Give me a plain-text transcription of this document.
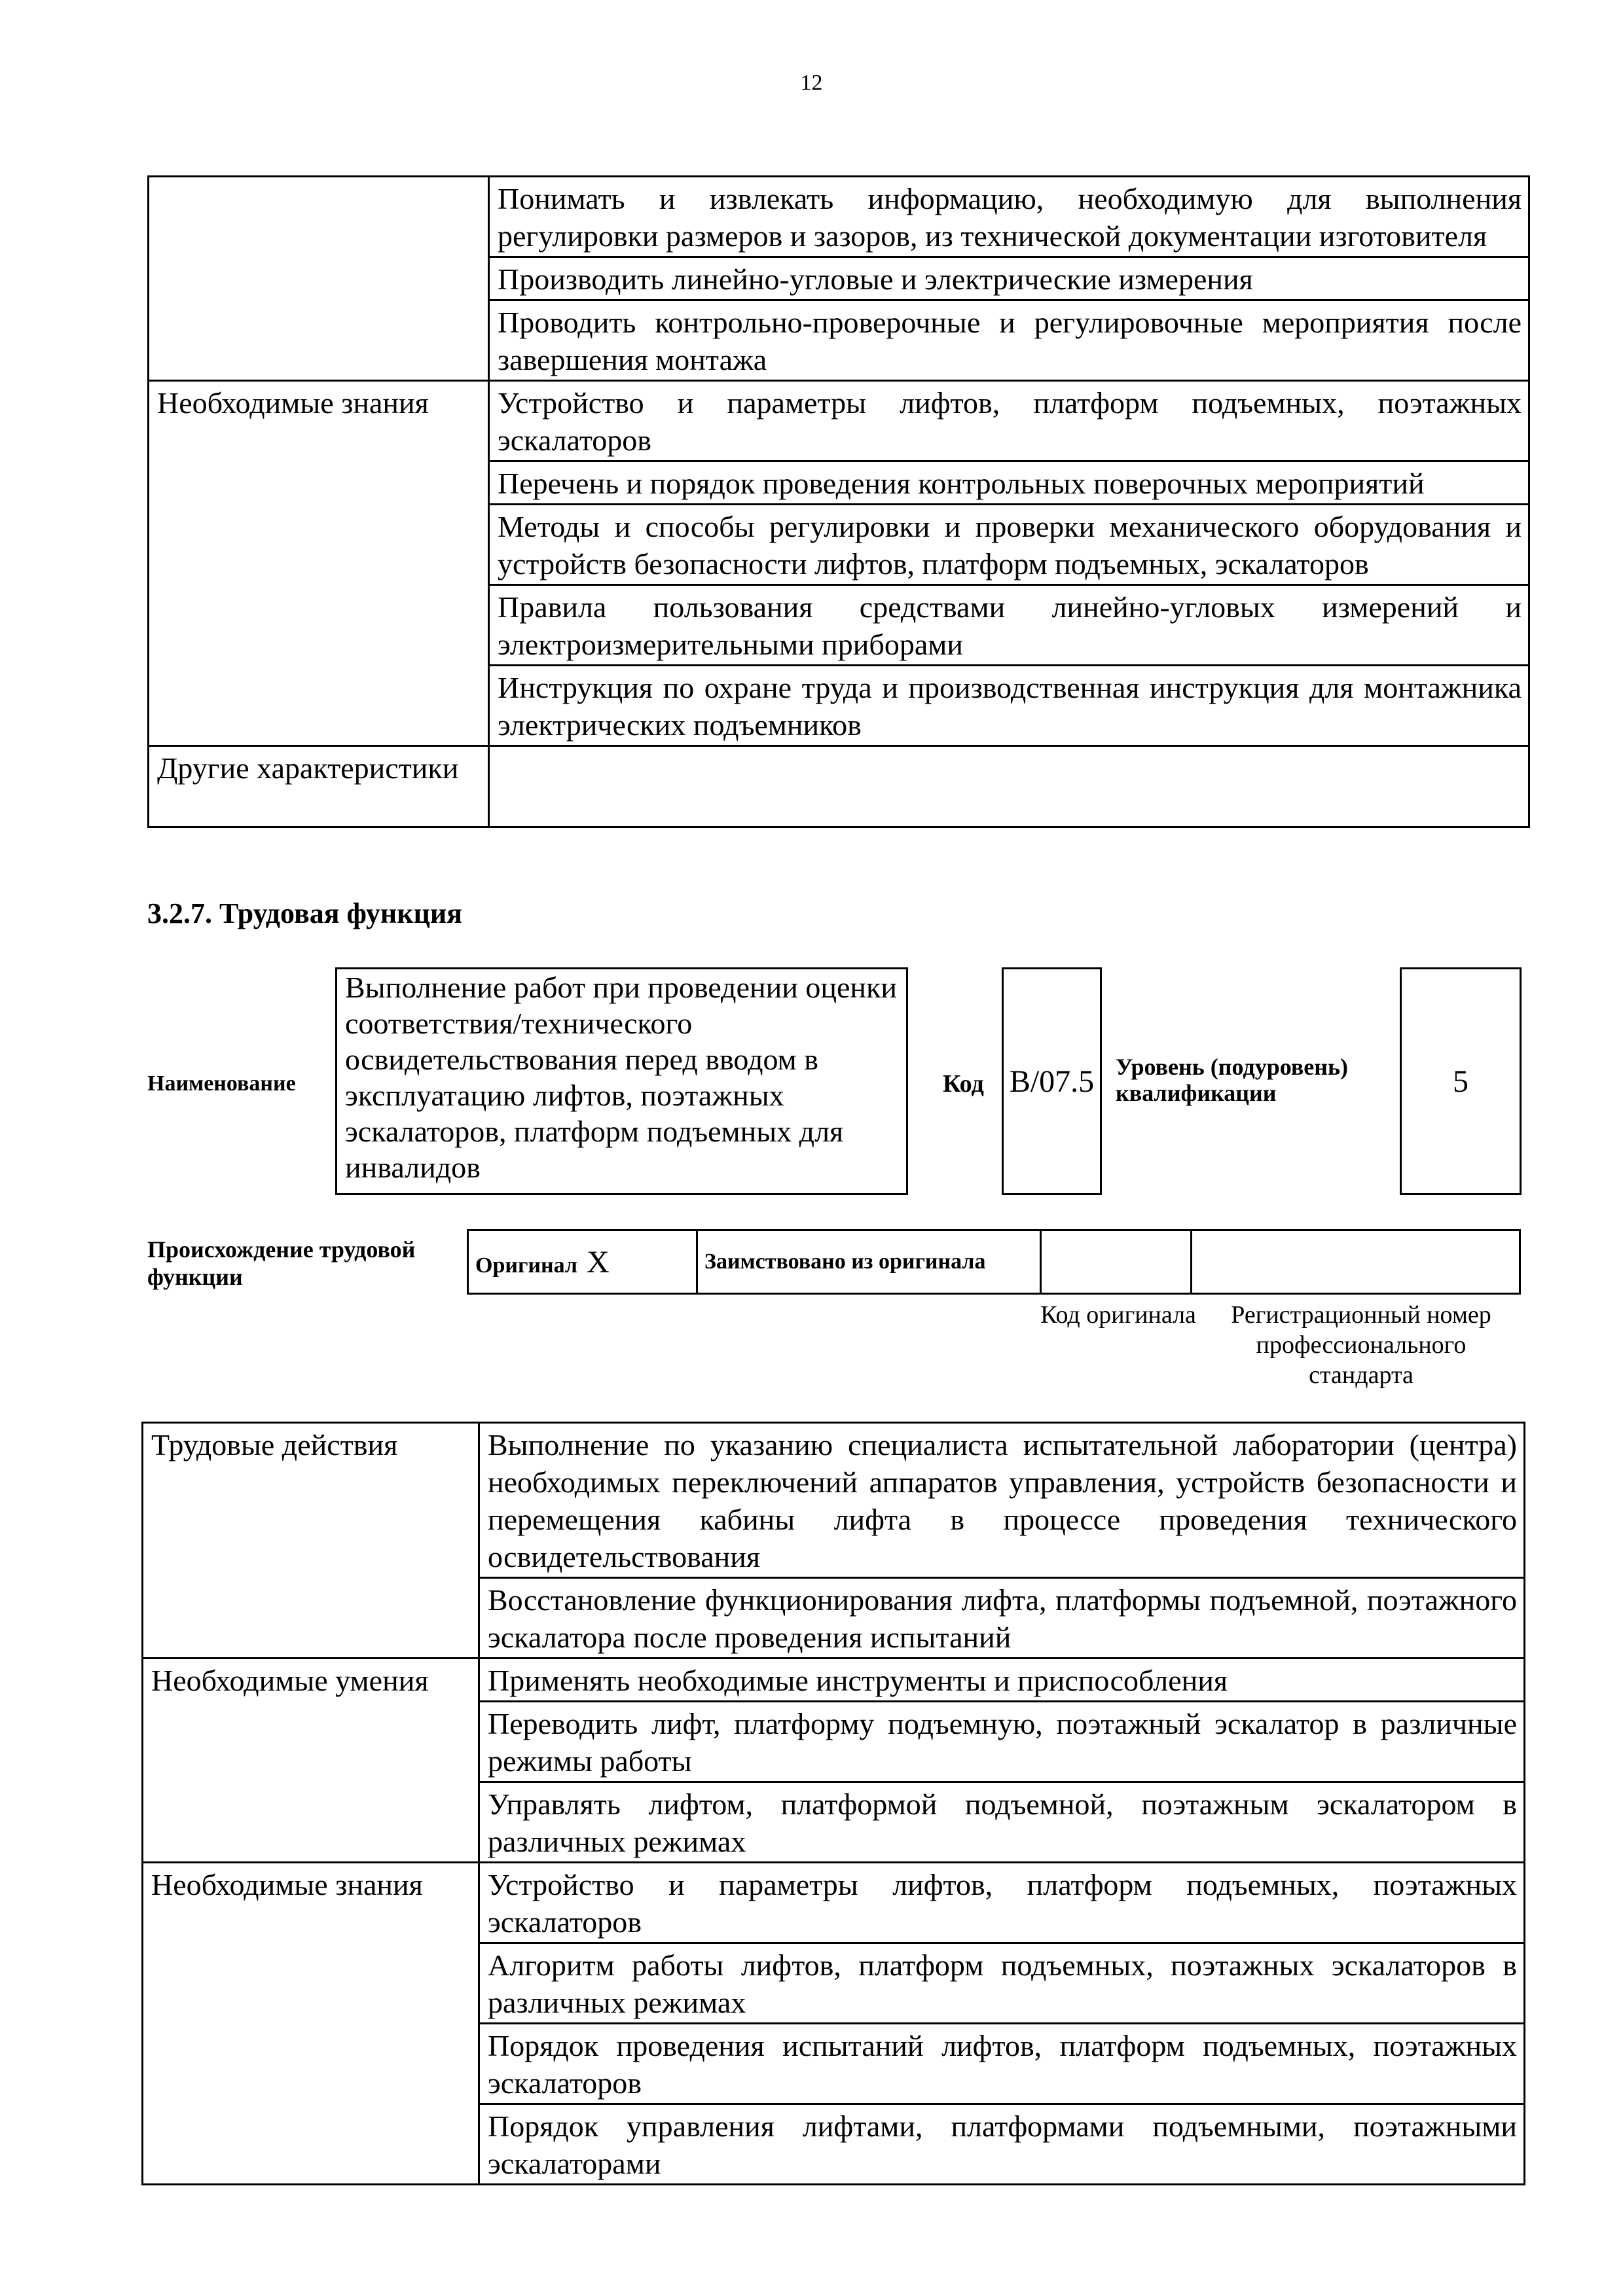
12
	Понимать и извлекать информацию, необходимую для выполнения регулировки размеров и зазоров, из технической документации изготовителя
	Производить линейно-угловые и электрические измерения
	Проводить контрольно-проверочные и регулировочные мероприятия после завершения монтажа
Необходимые знания	Устройство и параметры лифтов, платформ подъемных, поэтажных эскалаторов
	Перечень и порядок проведения контрольных поверочных мероприятий
	Методы и способы регулировки и проверки механического оборудования и устройств безопасности лифтов, платформ подъемных, эскалаторов
	Правила пользования средствами линейно-угловых измерений и электроизмерительными приборами
	Инструкция по охране труда и производственная инструкция для монтажника электрических подъемников
Другие характеристики	
3.2.7. Трудовая функция
Наименование
Выполнение работ при проведении оценки соответствия/технического освидетельствования перед вводом в эксплуатацию лифтов, поэтажных эскалаторов, платформ подъемных для инвалидов
Код B/07.5 Уровень (подуровень) квалификации	5
Происхождение трудовой функции	Оригинал X	Заимствовано из оригинала		
Код оригинала	Регистрационный номер профессионального стандарта
Трудовые действия	Выполнение по указанию специалиста испытательной лаборатории (центра) необходимых переключений аппаратов управления, устройств безопасности и перемещения кабины лифта в процессе проведения технического освидетельствования
	Восстановление функционирования лифта, платформы подъемной, поэтажного эскалатора после проведения испытаний
Необходимые умения	Применять необходимые инструменты и приспособления
	Переводить лифт, платформу подъемную, поэтажный эскалатор в различные режимы работы
	Управлять лифтом, платформой подъемной, поэтажным эскалатором в различных режимах
Необходимые знания	Устройство и параметры лифтов, платформ подъемных, поэтажных эскалаторов
	Алгоритм работы лифтов, платформ подъемных, поэтажных эскалаторов в различных режимах
	Порядок проведения испытаний лифтов, платформ подъемных, поэтажных эскалаторов
	Порядок управления лифтами, платформами подъемными, поэтажными эскалаторами
